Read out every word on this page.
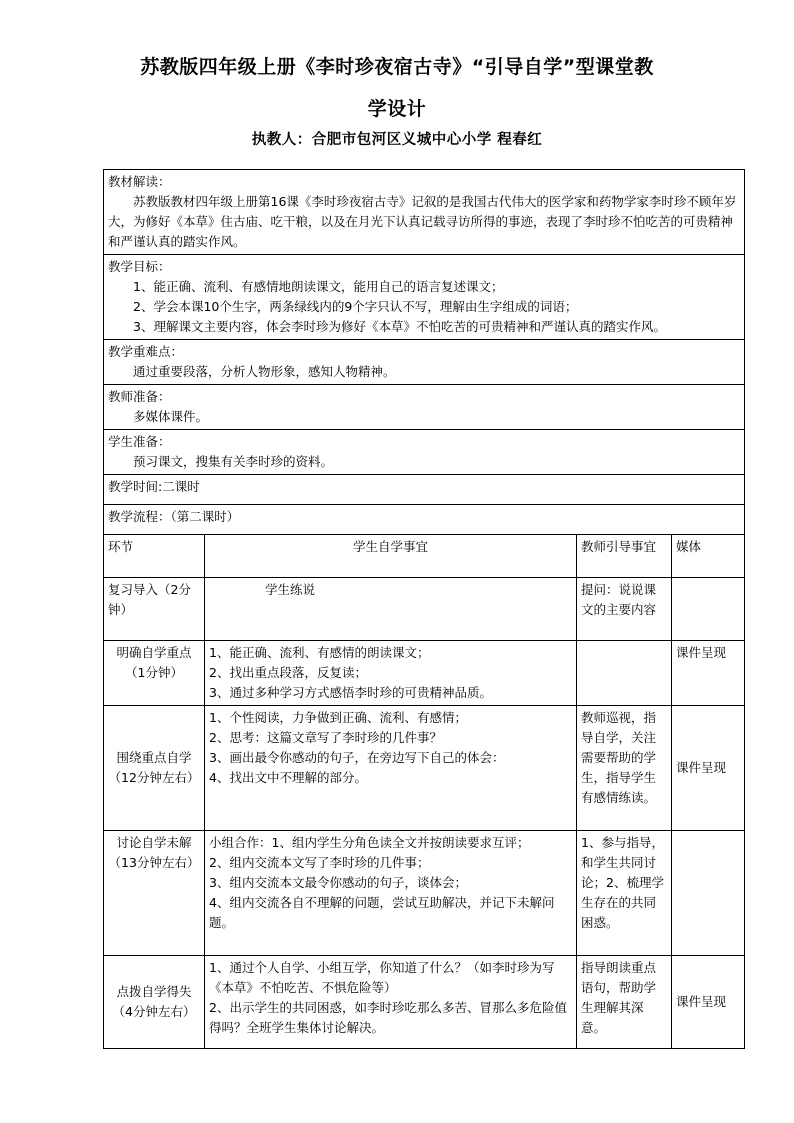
苏教版四年级上册《李时珍夜宿古寺》“引导自学”型课堂教
学设计
执教人：合肥市包河区义城中心小学 程春红

教材解读：

苏教版教材四年级上册第16课《李时珍夜宿古寺》记叙的是我国古代伟大的医学家和药物学家李时珍不顾年岁大，为修好《本草》住古庙、吃干粮，以及在月光下认真记载寻访所得的事迹，表现了李时珍不怕吃苦的可贵精神和严谨认真的踏实作风。			

教学目标：

1、能正确、流利、有感情地朗读课文，能用自己的语言复述课文；

2、学会本课10个生字，两条绿线内的9个字只认不写，理解由生字组成的词语；

3、理解课文主要内容，体会李时珍为修好《本草》不怕吃苦的可贵精神和严谨认真的踏实作风。			

教学重难点：

通过重要段落，分析人物形象，感知人物精神。			

教师准备：

多媒体课件。			

学生准备：

预习课文，搜集有关李时珍的资料。			

教学时间:二课时			

教学流程：（第二课时）			

环节	学生自学事宜	教师引导事宜	媒体
复习导入（2分钟）	学生练说	提问：说说课文的主要内容	
明确自学重点（1分钟）	1、能正确、流利、有感情的朗读课文；

2、找出重点段落，反复读；

3、通过多种学习方式感悟李时珍的可贵精神品质。		课件呈现
围绕重点自学（12分钟左右）	1、个性阅读，力争做到正确、流利、有感情；

2、思考：这篇文章写了李时珍的几件事？

3、画出最令你感动的句子，在旁边写下自己的体会：

4、找出文中不理解的部分。	教师巡视，指导自学，关注需要帮助的学生，指导学生有感情练读。	课件呈现
讨论自学未解（13分钟左右）	小组合作：1、组内学生分角色读全文并按朗读要求互评；

2、组内交流本文写了李时珍的几件事；

3、组内交流本文最令你感动的句子，谈体会；

4、组内交流各自不理解的问题，尝试互助解决，并记下未解问题。	1、参与指导，和学生共同讨论；2、梳理学生存在的共同困惑。	
点拨自学得失（4分钟左右）	1、通过个人自学、小组互学，你知道了什么？（如李时珍为写《本草》不怕吃苦、不惧危险等）

2、出示学生的共同困惑，如李时珍吃那么多苦、冒那么多危险值得吗？全班学生集体讨论解决。	指导朗读重点语句，帮助学生理解其深意。	课件呈现
